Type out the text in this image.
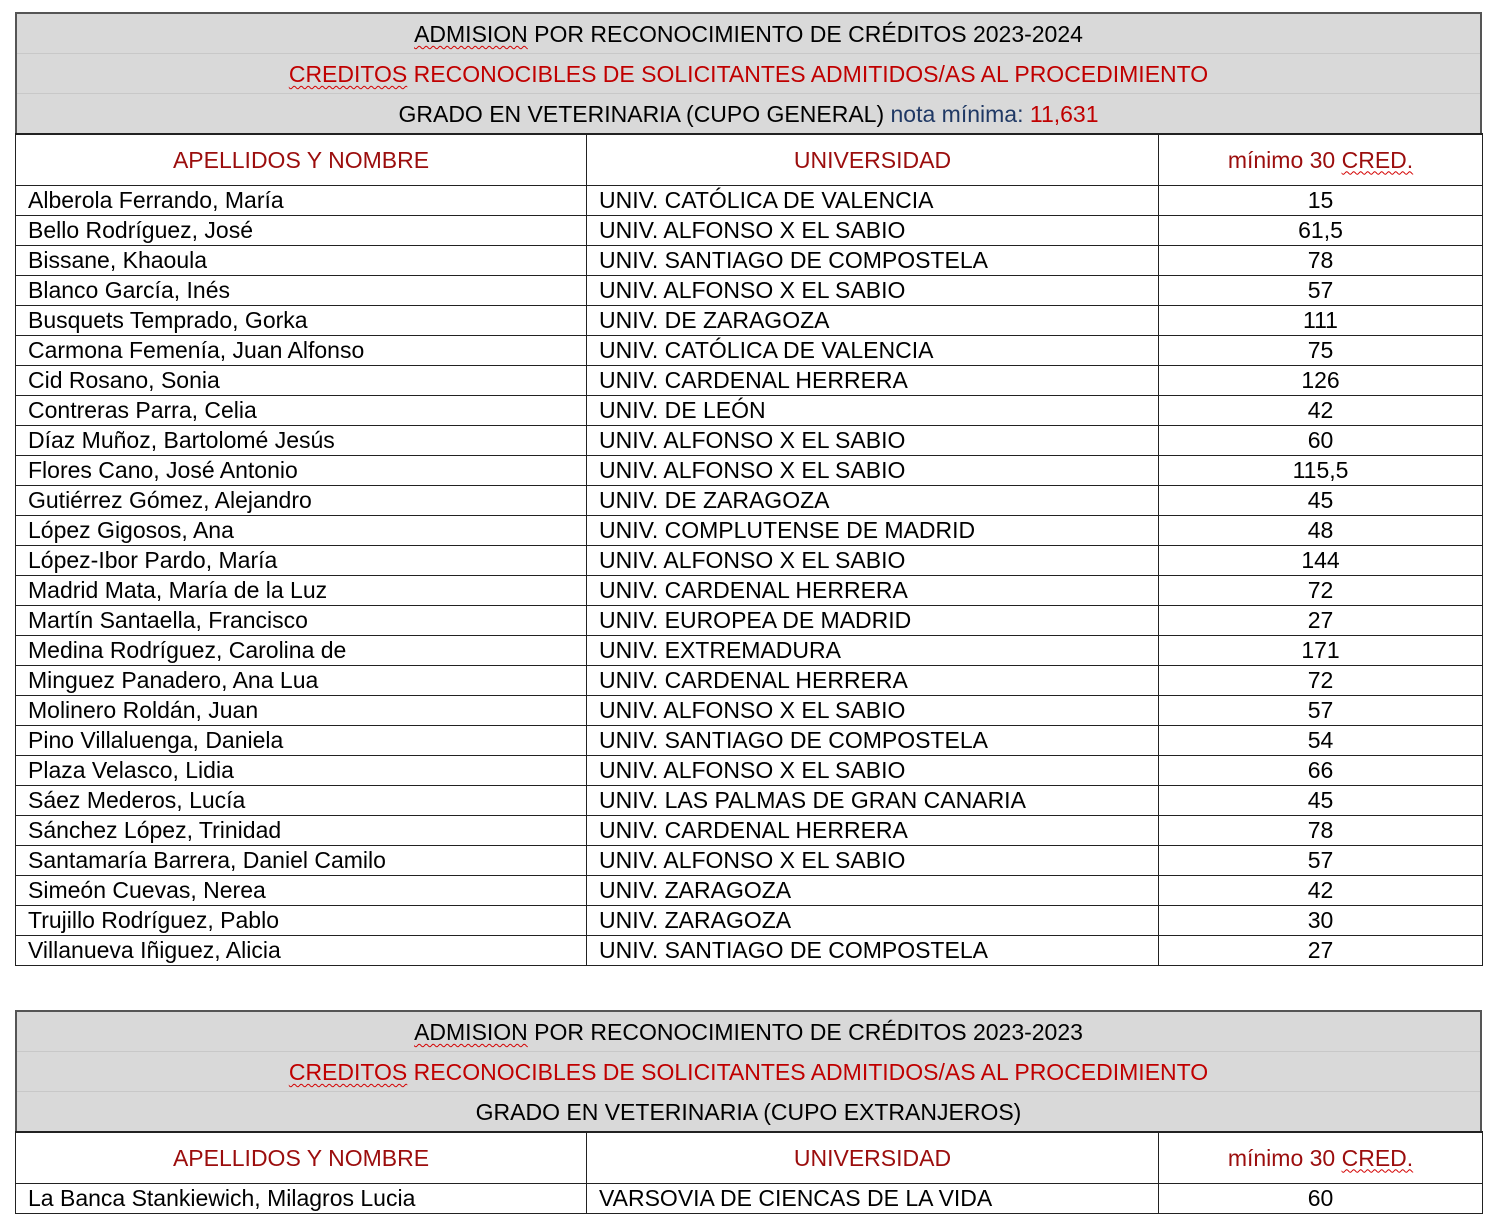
ADMISION POR RECONOCIMIENTO DE CRÉDITOS 2023-2024
CREDITOS RECONOCIBLES DE SOLICITANTES ADMITIDOS/AS AL PROCEDIMIENTO
GRADO EN VETERINARIA (CUPO GENERAL) nota mínima: 11,631
APELLIDOS Y NOMBRE	UNIVERSIDAD	mínimo 30 CRED.
Alberola Ferrando, María	UNIV. CATÓLICA DE VALENCIA	15
Bello Rodríguez, José	UNIV. ALFONSO X EL SABIO	61,5
Bissane, Khaoula	UNIV. SANTIAGO DE COMPOSTELA	78
Blanco García, Inés	UNIV. ALFONSO X EL SABIO	57
Busquets Temprado, Gorka	UNIV. DE ZARAGOZA	111
Carmona Femenía, Juan Alfonso	UNIV. CATÓLICA DE VALENCIA	75
Cid Rosano, Sonia	UNIV. CARDENAL HERRERA	126
Contreras Parra, Celia	UNIV. DE LEÓN	42
Díaz Muñoz, Bartolomé Jesús	UNIV. ALFONSO X EL SABIO	60
Flores Cano, José Antonio	UNIV. ALFONSO X EL SABIO	115,5
Gutiérrez Gómez, Alejandro	UNIV. DE ZARAGOZA	45
López Gigosos, Ana	UNIV. COMPLUTENSE DE MADRID	48
López-Ibor Pardo, María	UNIV. ALFONSO X EL SABIO	144
Madrid Mata, María de la Luz	UNIV. CARDENAL HERRERA	72
Martín Santaella, Francisco	UNIV. EUROPEA DE MADRID	27
Medina Rodríguez, Carolina de	UNIV. EXTREMADURA	171
Minguez Panadero, Ana Lua	UNIV. CARDENAL HERRERA	72
Molinero Roldán, Juan	UNIV. ALFONSO X EL SABIO	57
Pino Villaluenga, Daniela	UNIV. SANTIAGO DE COMPOSTELA	54
Plaza Velasco, Lidia	UNIV. ALFONSO X EL SABIO	66
Sáez Mederos, Lucía	UNIV. LAS PALMAS DE GRAN CANARIA	45
Sánchez López, Trinidad	UNIV. CARDENAL HERRERA	78
Santamaría Barrera, Daniel Camilo	UNIV. ALFONSO X EL SABIO	57
Simeón Cuevas, Nerea	UNIV. ZARAGOZA	42
Trujillo Rodríguez, Pablo	UNIV. ZARAGOZA	30
Villanueva Iñiguez, Alicia	UNIV. SANTIAGO DE COMPOSTELA	27
ADMISION POR RECONOCIMIENTO DE CRÉDITOS 2023-2023
CREDITOS RECONOCIBLES DE SOLICITANTES ADMITIDOS/AS AL PROCEDIMIENTO
GRADO EN VETERINARIA (CUPO EXTRANJEROS)
APELLIDOS Y NOMBRE	UNIVERSIDAD	mínimo 30 CRED.
La Banca Stankiewich, Milagros Lucia	VARSOVIA DE CIENCAS DE LA VIDA	60
